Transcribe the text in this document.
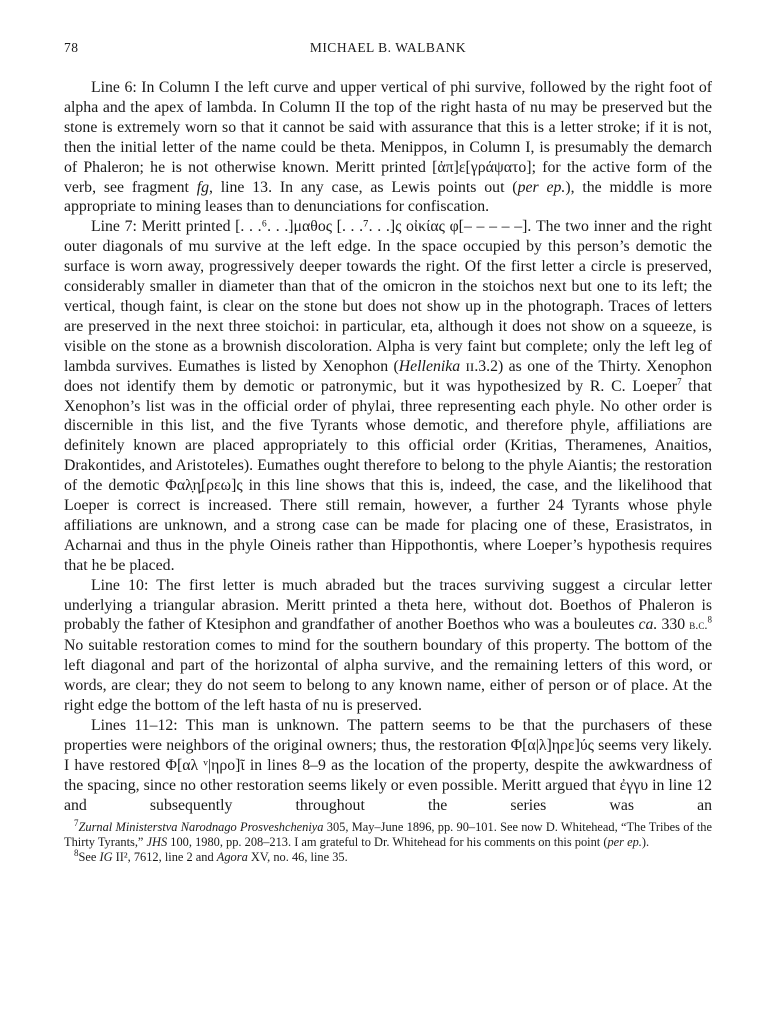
78	MICHAEL B. WALBANK

Line 6: In Column I the left curve and upper vertical of phi survive, followed by the right foot of alpha and the apex of lambda. In Column II the top of the right hasta of nu may be preserved but the stone is extremely worn so that it cannot be said with assurance that this is a letter stroke; if it is not, then the initial letter of the name could be theta. Menippos, in Column I, is presumably the demarch of Phaleron; he is not otherwise known. Meritt printed [ἀπ]ε[γράψατο]; for the active form of the verb, see fragment fg, line 13. In any case, as Lewis points out (per ep.), the middle is more appropriate to mining leases than to denunciations for confiscation.

Line 7: Meritt printed [. . .⁶. . .]μαθος [. . .⁷. . .]ς οἰκίας φ[– – – – –]. The two inner and the right outer diagonals of mu survive at the left edge. In the space occupied by this person’s demotic the surface is worn away, progressively deeper towards the right. Of the first letter a circle is preserved, considerably smaller in diameter than that of the omicron in the stoichos next but one to its left; the vertical, though faint, is clear on the stone but does not show up in the photograph. Traces of letters are preserved in the next three stoichoi: in particular, eta, although it does not show on a squeeze, is visible on the stone as a brownish discoloration. Alpha is very faint but complete; only the left leg of lambda survives. Eumathes is listed by Xenophon (Hellenika ɪɪ.3.2) as one of the Thirty. Xenophon does not identify them by demotic or patronymic, but it was hypothesized by R. C. Loeper$^7$ that Xenophon’s list was in the official order of phylai, three representing each phyle. No other order is discernible in this list, and the five Tyrants whose demotic, and therefore phyle, affiliations are definitely known are placed appropriately to this official order (Kritias, Theramenes, Anaitios, Drakontides, and Aristoteles). Eumathes ought therefore to belong to the phyle Aiantis; the restoration of the demotic Φαλ̣η̣[ρεω]ς in this line shows that this is, indeed, the case, and the likelihood that Loeper is correct is increased. There still remain, however, a further 24 Tyrants whose phyle affiliations are unknown, and a strong case can be made for placing one of these, Erasistratos, in Acharnai and thus in the phyle Oineis rather than Hippothontis, where Loeper’s hypothesis requires that he be placed.

Line 10: The first letter is much abraded but the traces surviving suggest a circular letter underlying a triangular abrasion. Meritt printed a theta here, without dot. Boethos of Phaleron is probably the father of Ktesiphon and grandfather of another Boethos who was a bouleutes ca. 330 b.c.$^8$ No suitable restoration comes to mind for the southern boundary of this property. The bottom of the left diagonal and part of the horizontal of alpha survive, and the remaining letters of this word, or words, are clear; they do not seem to belong to any known name, either of person or of place. At the right edge the bottom of the left hasta of nu is preserved.

Lines 11–12: This man is unknown. The pattern seems to be that the purchasers of these properties were neighbors of the original owners; thus, the restoration Φ[α|λ]ηρε]ύς seems very likely. I have restored Φ[αλ ᵛ|ηρο]ῖ in lines 8–9 as the location of the property, despite the awkwardness of the spacing, since no other restoration seems likely or even possible. Meritt argued that ἐγγυ in line 12 and subsequently throughout the series was an

$^7$Zurnal Ministerstva Narodnago Prosveshcheniya 305, May–June 1896, pp. 90–101. See now D. Whitehead, “The Tribes of the Thirty Tyrants,” JHS 100, 1980, pp. 208–213. I am grateful to Dr. Whitehead for his comments on this point (per ep.).

$^8$See IG II², 7612, line 2 and Agora XV, no. 46, line 35.
